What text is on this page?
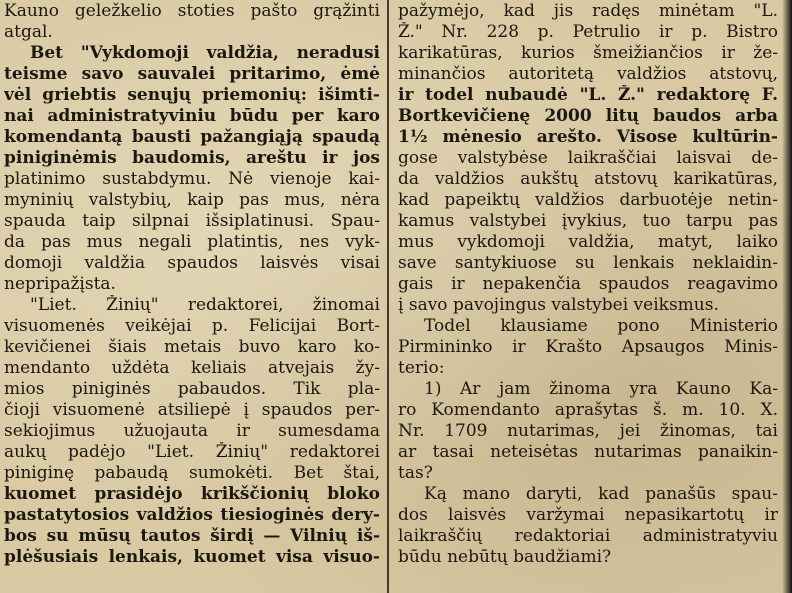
Kauno geležkelio stoties pašto grąžinti
atgal.
Bet "Vykdomoji valdžia, neradusi
teisme savo sauvalei pritarimo, ėmė
vėl griebtis senųjų priemonių: išimti-
nai administratyviniu būdu per karo
komendantą bausti pažangiąją spaudą
piniginėmis baudomis, areštu ir jos
platinimo sustabdymu. Nė vienoje kai-
myninių valstybių, kaip pas mus, nėra
spauda taip silpnai išsiplatinusi. Spau-
da pas mus negali platintis, nes vyk-
domoji valdžia spaudos laisvės visai
nepripažįsta.
"Liet. Žinių" redaktorei, žinomai
visuomenės veikėjai p. Felicijai Bort-
kevičienei šiais metais buvo karo ko-
mendanto uždėta keliais atvejais žy-
mios piniginės pabaudos. Tik pla-
čioji visuomenė atsiliepė į spaudos per-
sekiojimus užuojauta ir sumesdama
aukų padėjo "Liet. Žinių" redaktorei
piniginę pabaudą sumokėti. Bet štai,
kuomet prasidėjo krikščionių bloko
pastatytosios valdžios tiesioginės dery-
bos su mūsų tautos širdį — Vilnių iš-
plėšusiais lenkais, kuomet visa visuo-
pažymėjo, kad jis radęs minėtam "L.
Ž." Nr. 228 p. Petrulio ir p. Bistro
karikatūras, kurios šmeižiančios ir že-
minančios autoritetą valdžios atstovų,
ir todel nubaudė "L. Ž." redaktorę F.
Bortkevičienę 2000 litų baudos arba
1½ mėnesio arešto. Visose kultūrin-
gose valstybėse laikraščiai laisvai de-
da valdžios aukštų atstovų karikatūras,
kad papeiktų valdžios darbuotėje netin-
kamus valstybei įvykius, tuo tarpu pas
mus vykdomoji valdžia, matyt, laiko
save santykiuose su lenkais neklaidin-
gais ir nepakenčia spaudos reagavimo
į savo pavojingus valstybei veiksmus.
Todel klausiame pono Ministerio
Pirmininko ir Krašto Apsaugos Minis-
terio:
1) Ar jam žinoma yra Kauno Ka-
ro Komendanto aprašytas š. m. 10. X.
Nr. 1709 nutarimas, jei žinomas, tai
ar tasai neteisėtas nutarimas panaikin-
tas?
Ką mano daryti, kad panašūs spau-
dos laisvės varžymai nepasikartotų ir
laikraščių redaktoriai administratyviu
būdu nebūtų baudžiami?
